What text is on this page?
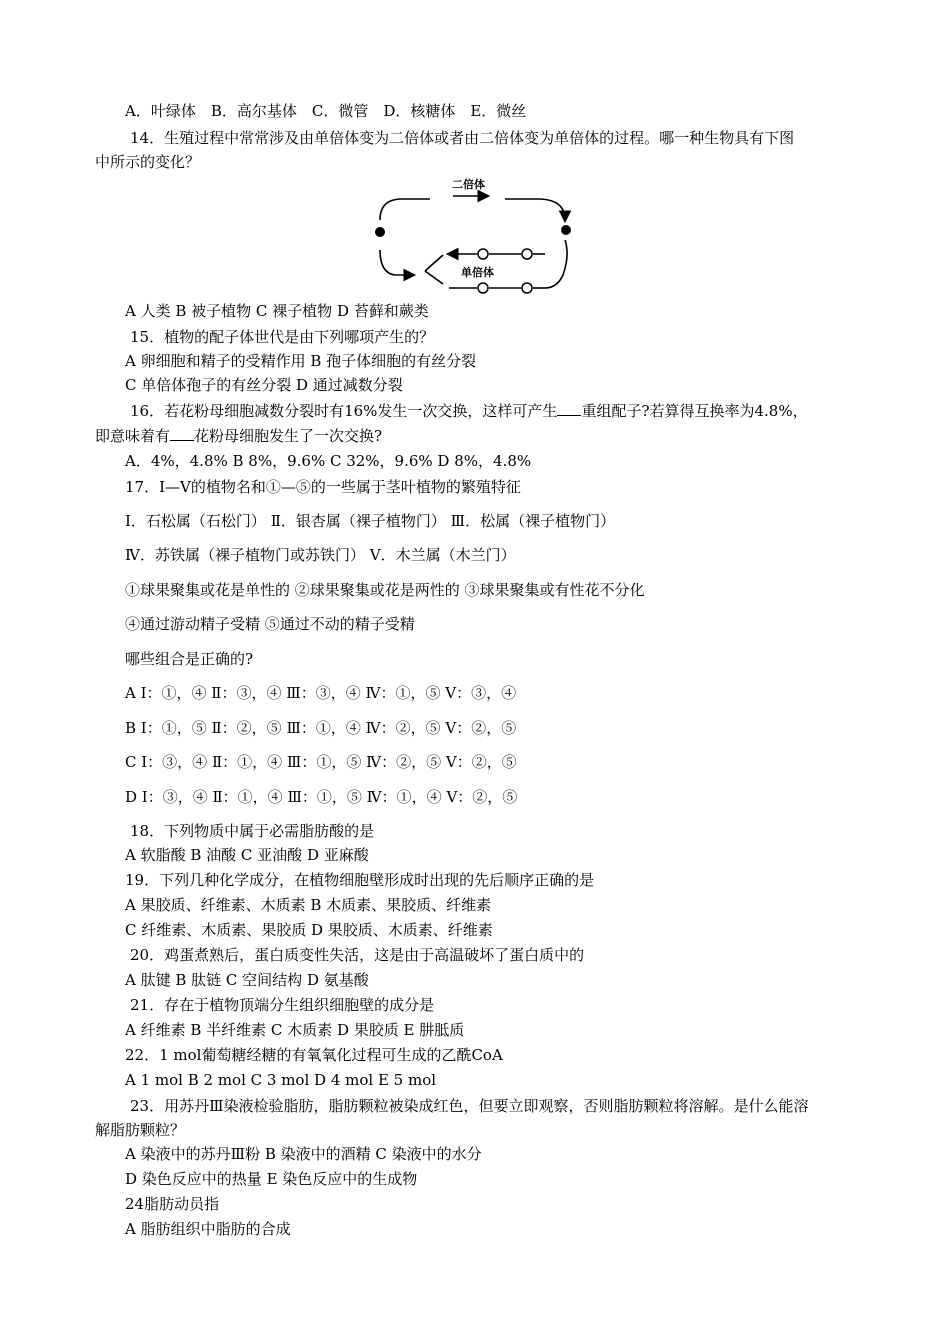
A．叶绿体　B．高尔基体　C．微管　D．核糖体　E．微丝
14．生殖过程中常常涉及由单倍体变为二倍体或者由二倍体变为单倍体的过程。哪一种生物具有下图
中所示的变化？
二倍体
单倍体
A 人类 B 被子植物 C 裸子植物 D 苔藓和蕨类
15．植物的配子体世代是由下列哪项产生的？
A 卵细胞和精子的受精作用 B 孢子体细胞的有丝分裂
C 单倍体孢子的有丝分裂 D 通过减数分裂
16．若花粉母细胞减数分裂时有16%发生一次交换，这样可产生 重组配子?若算得互换率为4.8%，
即意味着有 花粉母细胞发生了一次交换?
A．4%，4.8% B 8%，9.6% C 32%，9.6% D 8%，4.8%
17．Ⅰ—Ⅴ的植物名和①—⑤的一些属于茎叶植物的繁殖特征
Ⅰ．石松属（石松门） Ⅱ．银杏属（裸子植物门） Ⅲ．松属（裸子植物门）
Ⅳ．苏铁属（裸子植物门或苏铁门） Ⅴ．木兰属（木兰门）
①球果聚集或花是单性的 ②球果聚集或花是两性的 ③球果聚集或有性花不分化
④通过游动精子受精 ⑤通过不动的精子受精
哪些组合是正确的?
A Ⅰ：①，④ Ⅱ：③，④ Ⅲ：③，④ Ⅳ：①，⑤ Ⅴ：③，④
B Ⅰ：①，⑤ Ⅱ：②，⑤ Ⅲ：①，④ Ⅳ：②，⑤ Ⅴ：②，⑤
C Ⅰ：③，④ Ⅱ：①，④ Ⅲ：①，⑤ Ⅳ：②，⑤ Ⅴ：②，⑤
D Ⅰ：③，④ Ⅱ：①，④ Ⅲ：①，⑤ Ⅳ：①，④ Ⅴ：②，⑤
18．下列物质中属于必需脂肪酸的是
A 软脂酸 B 油酸 C 亚油酸 D 亚麻酸
19．下列几种化学成分，在植物细胞壁形成时出现的先后顺序正确的是
A 果胶质、纤维素、木质素 B 木质素、果胶质、纤维素
C 纤维素、木质素、果胶质 D 果胶质、木质素、纤维素
20．鸡蛋煮熟后，蛋白质变性失活，这是由于高温破坏了蛋白质中的
A 肽键 B 肽链 C 空间结构 D 氨基酸
21．存在于植物顶端分生组织细胞壁的成分是
A 纤维素 B 半纤维素 C 木质素 D 果胶质 E 肼胝质
22．1 mol葡萄糖经糖的有氧氧化过程可生成的乙酰CoA
A 1 mol B 2 mol C 3 mol D 4 mol E 5 mol
23．用苏丹Ⅲ染液检验脂肪，脂肪颗粒被染成红色，但要立即观察，否则脂肪颗粒将溶解。是什么能溶
解脂肪颗粒？
A 染液中的苏丹Ⅲ粉 B 染液中的酒精 C 染液中的水分
D 染色反应中的热量 E 染色反应中的生成物
24脂肪动员指
A 脂肪组织中脂肪的合成
